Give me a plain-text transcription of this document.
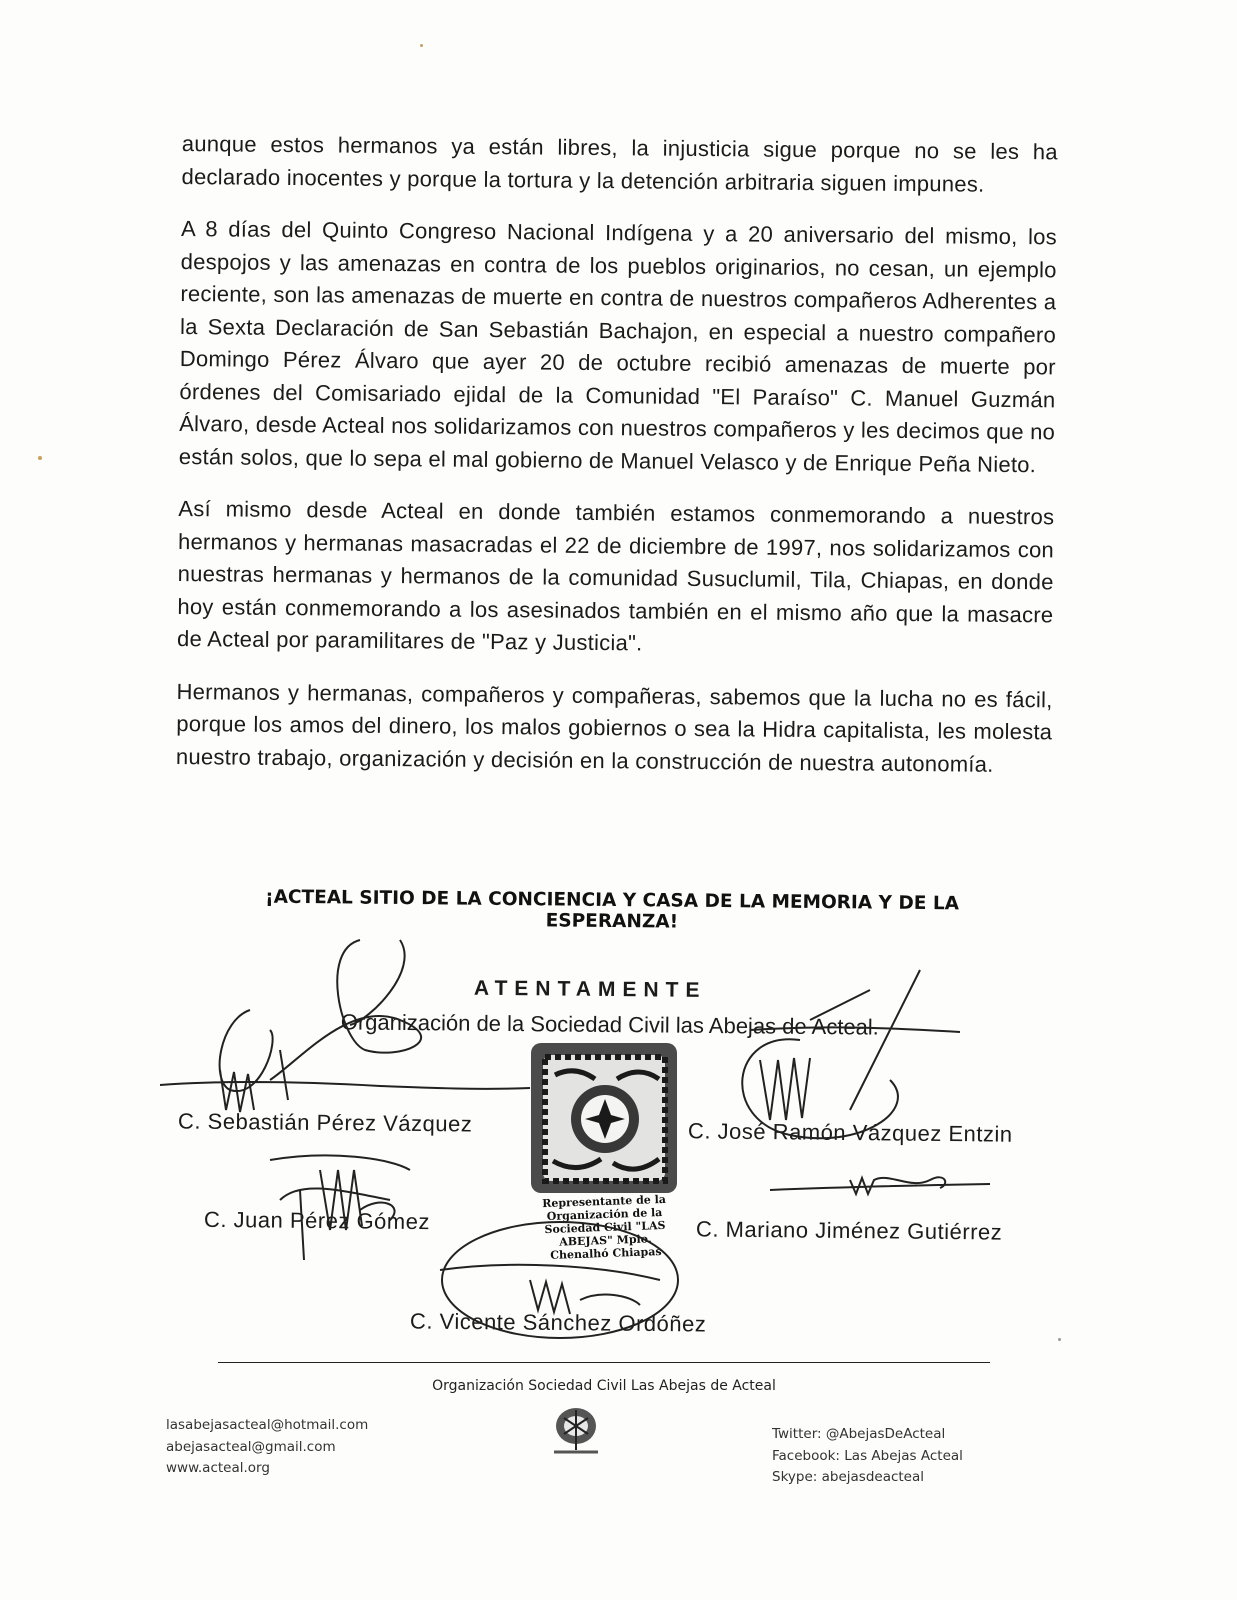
aunque estos hermanos ya están libres, la injusticia sigue porque no se les ha declarado inocentes y porque la tortura y la detención arbitraria siguen impunes.

A 8 días del Quinto Congreso Nacional Indígena y a 20 aniversario del mismo, los despojos y las amenazas en contra de los pueblos originarios, no cesan, un ejemplo reciente, son las amenazas de muerte en contra de nuestros compañeros Adherentes a la Sexta Declaración de San Sebastián Bachajon, en especial a nuestro compañero Domingo Pérez Álvaro que ayer 20 de octubre recibió amenazas de muerte por órdenes del Comisariado ejidal de la Comunidad "El Paraíso" C. Manuel Guzmán Álvaro, desde Acteal nos solidarizamos con nuestros compañeros y les decimos que no están solos, que lo sepa el mal gobierno de Manuel Velasco y de Enrique Peña Nieto.

Así mismo desde Acteal en donde también estamos conmemorando a nuestros hermanos y hermanas masacradas el 22 de diciembre de 1997, nos solidarizamos con nuestras hermanas y hermanos de la comunidad Susuclumil, Tila, Chiapas, en donde hoy están conmemorando a los asesinados también en el mismo año que la masacre de Acteal por paramilitares de "Paz y Justicia".

Hermanos y hermanas, compañeros y compañeras, sabemos que la lucha no es fácil, porque los amos del dinero, los malos gobiernos o sea la Hidra capitalista, les molesta nuestro trabajo, organización y decisión en la construcción de nuestra autonomía.

¡ACTEAL SITIO DE LA CONCIENCIA Y CASA DE LA MEMORIA Y DE LA ESPERANZA!
ATENTAMENTE
Organización de la Sociedad Civil las Abejas de Acteal.
Representante de la Organización de la Sociedad Civil "LAS ABEJAS" Mpio. Chenalhó Chiapas
C. Sebastián Pérez Vázquez	C. José Ramón Vázquez Entzin
C. Juan Pérez Gómez	C. Mariano Jiménez Gutiérrez
C. Vicente Sánchez Ordóñez
Organización Sociedad Civil Las Abejas de Acteal
lasabejasacteal@hotmail.com
abejasacteal@gmail.com
www.acteal.org
Twitter: @AbejasDeActeal
Facebook: Las Abejas Acteal
Skype: abejasdeacteal
